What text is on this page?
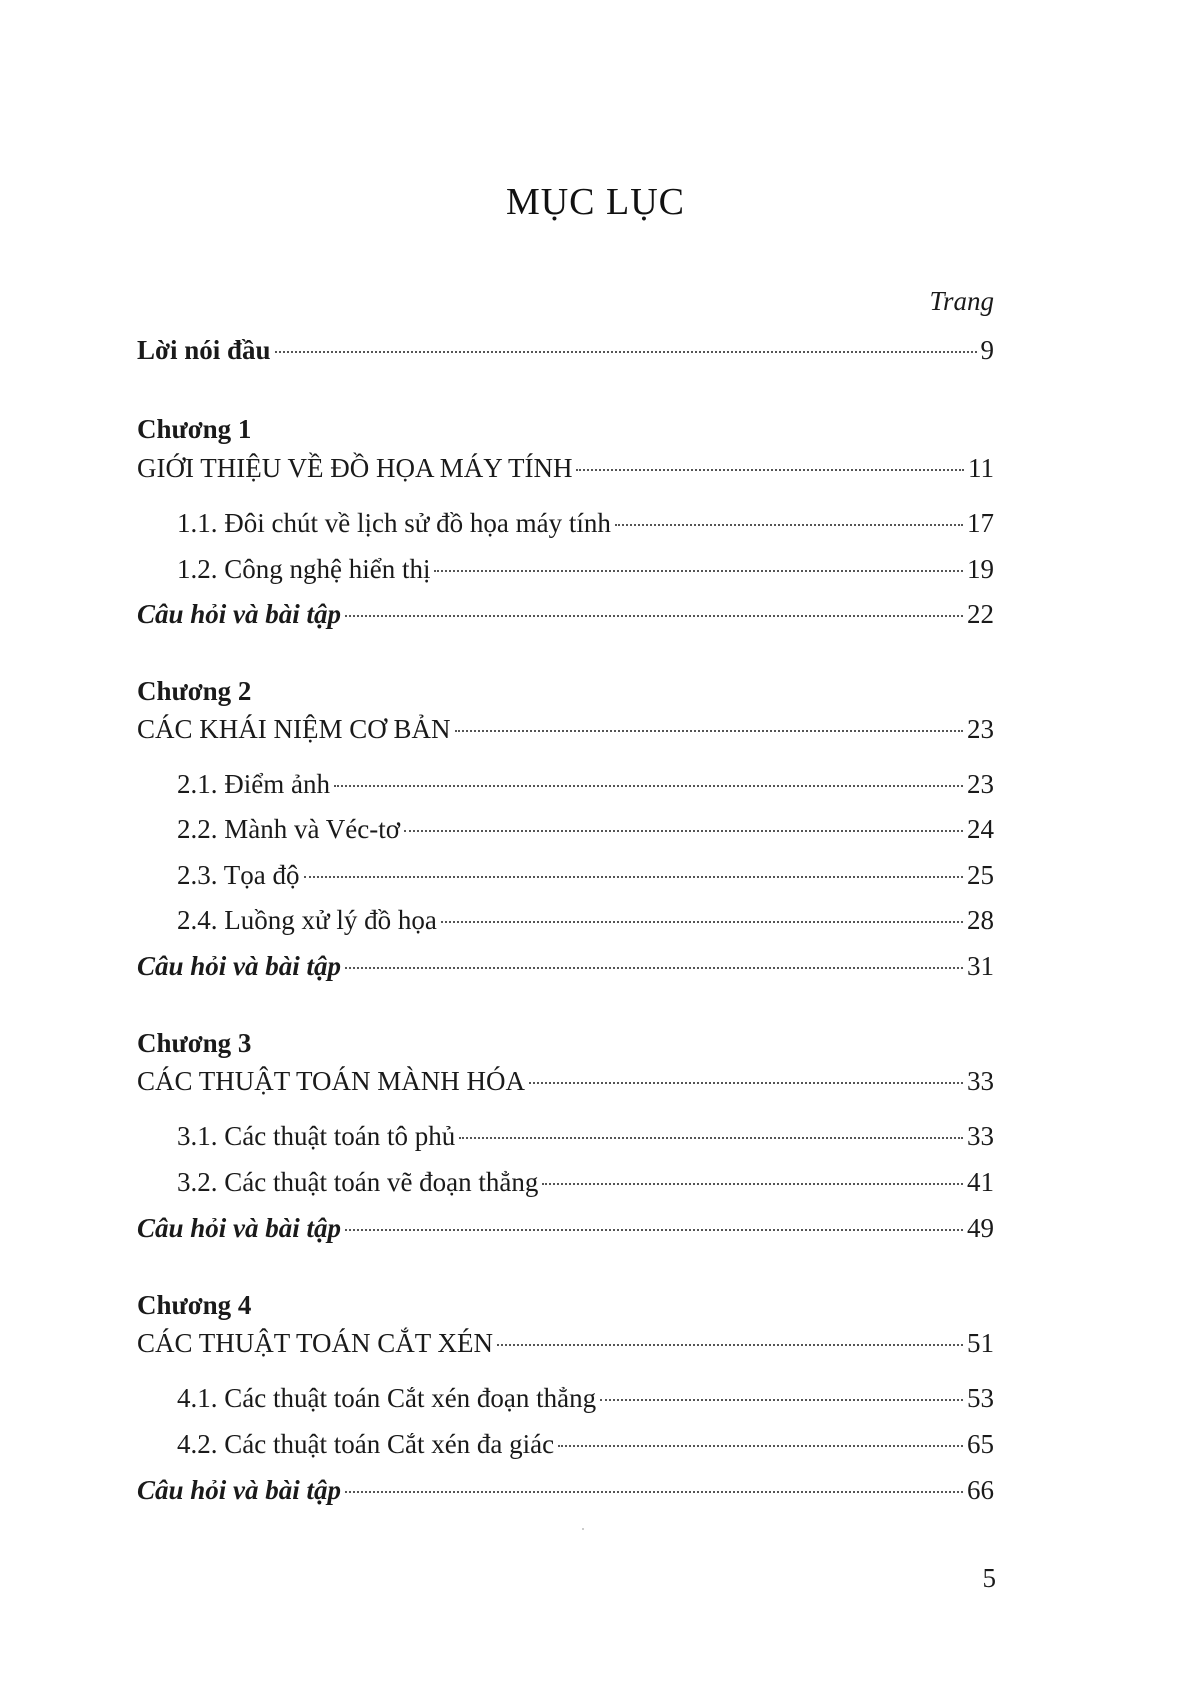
MỤC LỤC
Trang
Lời nói đầu	9
Chương 1
GIỚI THIỆU VỀ ĐỒ HỌA MÁY TÍNH	11
1.1. Đôi chút về lịch sử đồ họa máy tính	17
1.2. Công nghệ hiển thị	19
Câu hỏi và bài tập	22
Chương 2
CÁC KHÁI NIỆM CƠ BẢN	23
2.1. Điểm ảnh	23
2.2. Mành và Véc-tơ	24
2.3. Tọa độ	25
2.4. Luồng xử lý đồ họa	28
Câu hỏi và bài tập	31
Chương 3
CÁC THUẬT TOÁN MÀNH HÓA	33
3.1. Các thuật toán tô phủ	33
3.2. Các thuật toán vẽ đoạn thẳng	41
Câu hỏi và bài tập	49
Chương 4
CÁC THUẬT TOÁN CẮT XÉN	51
4.1. Các thuật toán Cắt xén đoạn thẳng	53
4.2. Các thuật toán Cắt xén đa giác	65
Câu hỏi và bài tập	66
5
